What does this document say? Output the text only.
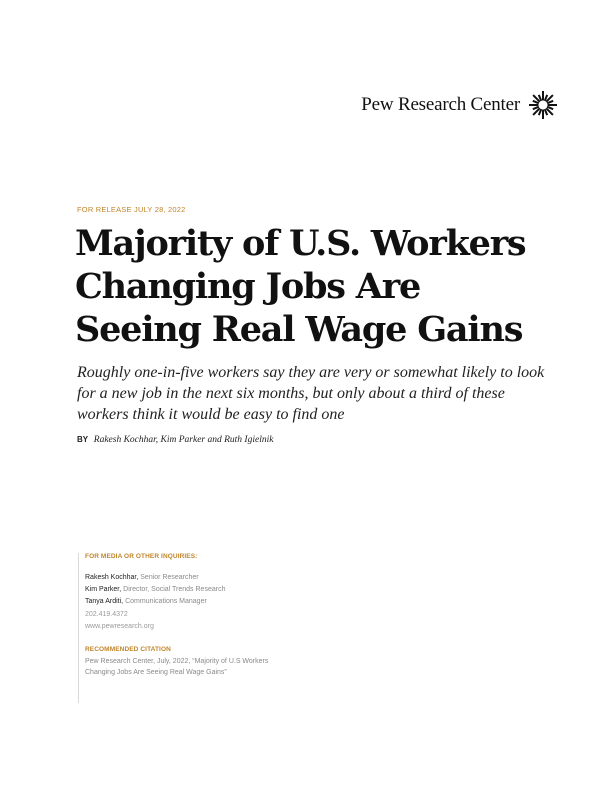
Pew Research Center
FOR RELEASE JULY 28, 2022
Majority of U.S. Workers
Changing Jobs Are
Seeing Real Wage Gains

Roughly one-in-five workers say they are very or somewhat likely to look for a new job in the next six months, but only about a third of these workers think it would be easy to find one

BY Rakesh Kochhar, Kim Parker and Ruth Igielnik
FOR MEDIA OR OTHER INQUIRIES:
Rakesh Kochhar, Senior Researcher
Kim Parker, Director, Social Trends Research
Tanya Arditi, Communications Manager
202.419.4372
www.pewresearch.org
RECOMMENDED CITATION
Pew Research Center, July, 2022, “Majority of U.S Workers Changing Jobs Are Seeing Real Wage Gains”
